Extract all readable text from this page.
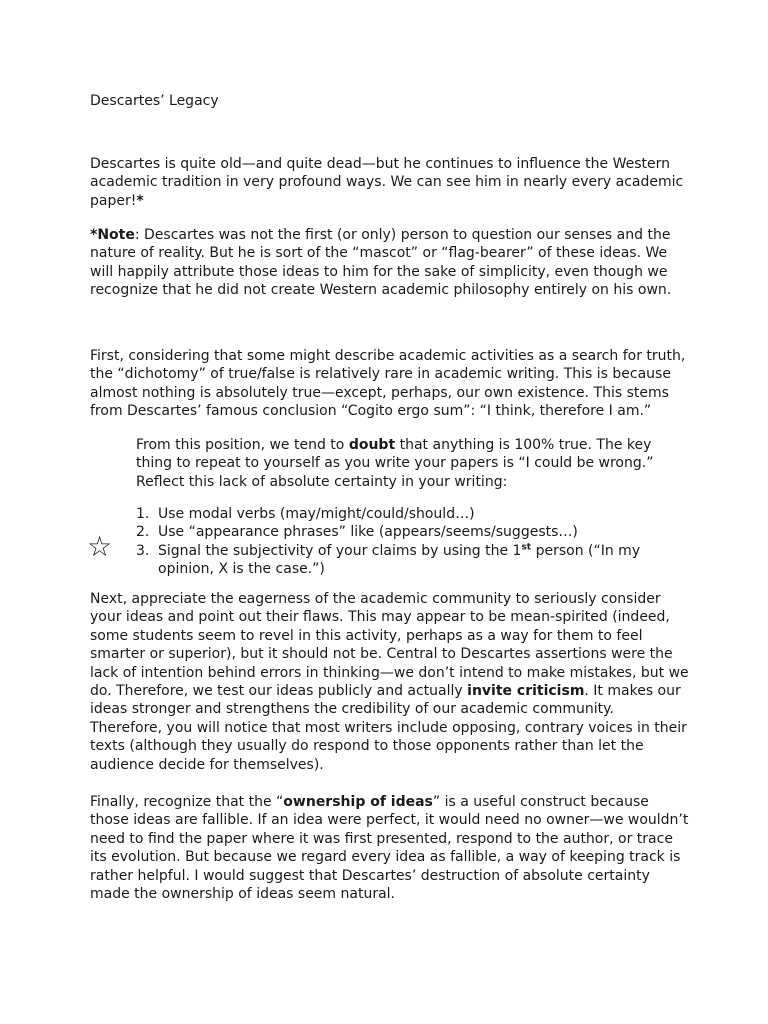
Descartes’ Legacy

Descartes is quite old—and quite dead—but he continues to influence the Western academic tradition in very profound ways. We can see him in nearly every academic paper!*

*Note: Descartes was not the first (or only) person to question our senses and the nature of reality. But he is sort of the “mascot” or “flag-bearer” of these ideas. We will happily attribute those ideas to him for the sake of simplicity, even though we recognize that he did not create Western academic philosophy entirely on his own.

First, considering that some might describe academic activities as a search for truth, the “dichotomy” of true/false is relatively rare in academic writing. This is because almost nothing is absolutely true—except, perhaps, our own existence. This stems from Descartes’ famous conclusion “Cogito ergo sum”: “I think, therefore I am.”

From this position, we tend to doubt that anything is 100% true. The key thing to repeat to yourself as you write your papers is “I could be wrong.” Reflect this lack of absolute certainty in your writing:

1. Use modal verbs (may/might/could/should…)
2. Use “appearance phrases” like (appears/seems/suggests…)
3. Signal the subjectivity of your claims by using the 1st person (“In my opinion, X is the case.”)
☆

Next, appreciate the eagerness of the academic community to seriously consider your ideas and point out their flaws. This may appear to be mean-spirited (indeed, some students seem to revel in this activity, perhaps as a way for them to feel smarter or superior), but it should not be. Central to Descartes assertions were the lack of intention behind errors in thinking—we don’t intend to make mistakes, but we do. Therefore, we test our ideas publicly and actually invite criticism. It makes our ideas stronger and strengthens the credibility of our academic community. Therefore, you will notice that most writers include opposing, contrary voices in their texts (although they usually do respond to those opponents rather than let the audience decide for themselves).

Finally, recognize that the “ownership of ideas” is a useful construct because those ideas are fallible. If an idea were perfect, it would need no owner—we wouldn’t need to find the paper where it was first presented, respond to the author, or trace its evolution. But because we regard every idea as fallible, a way of keeping track is rather helpful. I would suggest that Descartes’ destruction of absolute certainty made the ownership of ideas seem natural.
